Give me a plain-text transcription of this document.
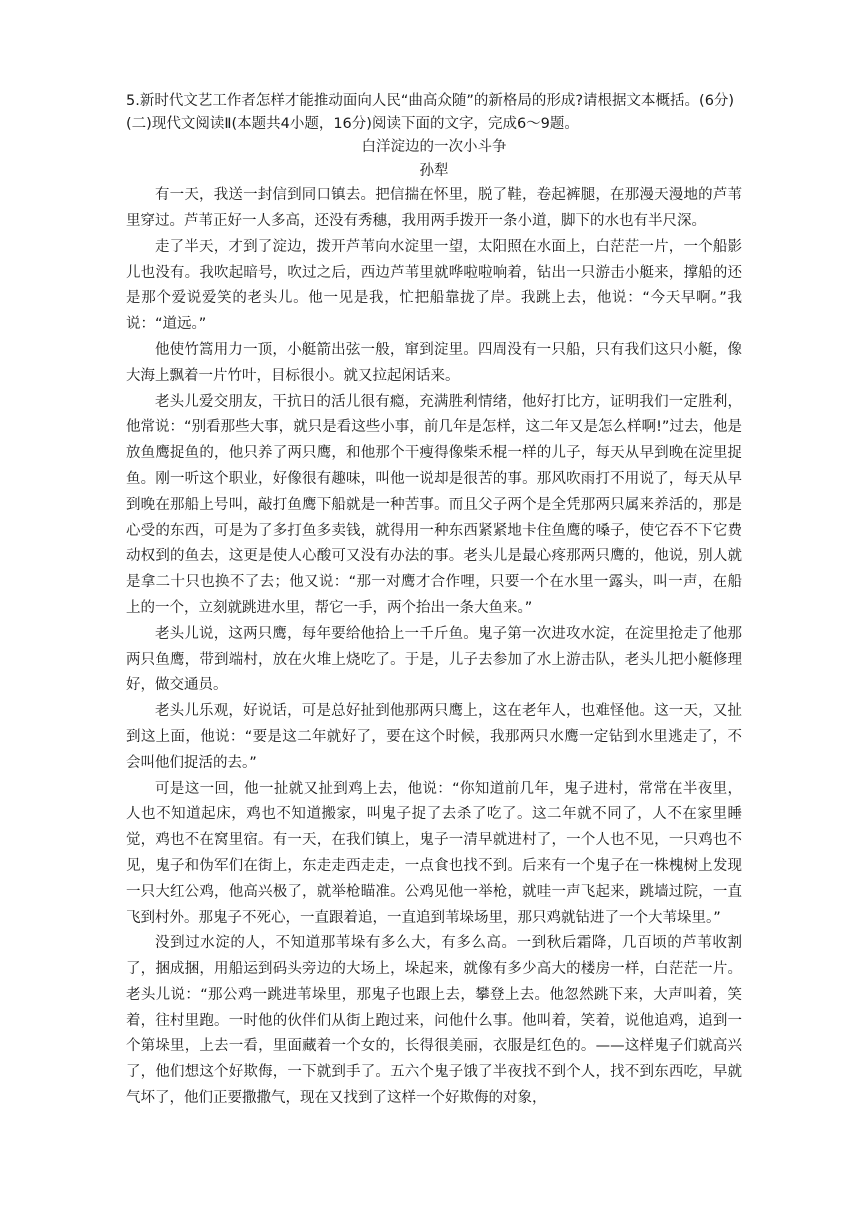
5.新时代文艺工作者怎样才能推动面向人民“曲高众随”的新格局的形成?请根据文本概括。(6分)

(二)现代文阅读Ⅱ(本题共4小题，16分)阅读下面的文字，完成6～9题。

白洋淀边的一次小斗争

孙犁

有一天，我送一封信到同口镇去。把信揣在怀里，脱了鞋，卷起裤腿，在那漫天漫地的芦苇里穿过。芦苇正好一人多高，还没有秀穗，我用两手拨开一条小道，脚下的水也有半尺深。

走了半天，才到了淀边，拨开芦苇向水淀里一望，太阳照在水面上，白茫茫一片，一个船影儿也没有。我吹起暗号，吹过之后，西边芦苇里就哗啦啦响着，钻出一只游击小艇来，撑船的还是那个爱说爱笑的老头儿。他一见是我，忙把船靠拢了岸。我跳上去，他说：“今天早啊。”我说：“道远。”

他使竹篙用力一顶，小艇箭出弦一般，窜到淀里。四周没有一只船，只有我们这只小艇，像大海上飘着一片竹叶，目标很小。就又拉起闲话来。

老头儿爱交朋友，干抗日的活儿很有瘾，充满胜利情绪，他好打比方，证明我们一定胜利，他常说：“别看那些大事，就只是看这些小事，前几年是怎样，这二年又是怎么样啊!”过去，他是放鱼鹰捉鱼的，他只养了两只鹰，和他那个干瘦得像柴禾棍一样的儿子，每天从早到晚在淀里捉鱼。刚一听这个职业，好像很有趣味，叫他一说却是很苦的事。那风吹雨打不用说了，每天从早到晚在那船上号叫，敲打鱼鹰下船就是一种苦事。而且父子两个是全凭那两只属来养活的，那是心受的东西，可是为了多打鱼多卖钱，就得用一种东西紧紧地卡住鱼鹰的嗓子，使它吞不下它费动权到的鱼去，这更是使人心酸可又没有办法的事。老头儿是最心疼那两只鹰的，他说，别人就是拿二十只也换不了去；他又说：“那一对鹰才合作哩，只要一个在水里一露头，叫一声，在船上的一个，立刻就跳进水里，帮它一手，两个抬出一条大鱼来。”

老头儿说，这两只鹰，每年要给他拾上一千斤鱼。鬼子第一次进攻水淀，在淀里抢走了他那两只鱼鹰，带到端村，放在火堆上烧吃了。于是，儿子去参加了水上游击队，老头儿把小艇修理好，做交通员。

老头儿乐观，好说话，可是总好扯到他那两只鹰上，这在老年人，也难怪他。这一天，又扯到这上面，他说：“要是这二年就好了，要在这个时候，我那两只水鹰一定钻到水里逃走了，不会叫他们捉活的去。”

可是这一回，他一扯就又扯到鸡上去，他说：“你知道前几年，鬼子进村，常常在半夜里，人也不知道起床，鸡也不知道搬家，叫鬼子捉了去杀了吃了。这二年就不同了，人不在家里睡觉，鸡也不在窝里宿。有一天，在我们镇上，鬼子一清早就进村了，一个人也不见，一只鸡也不见，鬼子和伪军们在街上，东走走西走走，一点食也找不到。后来有一个鬼子在一株槐树上发现一只大红公鸡，他高兴极了，就举枪瞄准。公鸡见他一举枪，就哇一声飞起来，跳墙过院，一直飞到村外。那鬼子不死心，一直跟着追，一直追到苇垛场里，那只鸡就钻进了一个大苇垛里。”

没到过水淀的人，不知道那苇垛有多么大，有多么高。一到秋后霜降，几百顷的芦苇收割了，捆成捆，用船运到码头旁边的大场上，垛起来，就像有多少高大的楼房一样，白茫茫一片。老头儿说：“那公鸡一跳进苇垛里，那鬼子也跟上去，攀登上去。他忽然跳下来，大声叫着，笑着，往村里跑。一时他的伙伴们从街上跑过来，问他什么事。他叫着，笑着，说他追鸡，追到一个第垛里，上去一看，里面藏着一个女的，长得很美丽，衣服是红色的。——这样鬼子们就高兴了，他们想这个好欺侮，一下就到手了。五六个鬼子饿了半夜找不到个人，找不到东西吃，早就气坏了，他们正要撒撒气，现在又找到了这样一个好欺侮的对象，
